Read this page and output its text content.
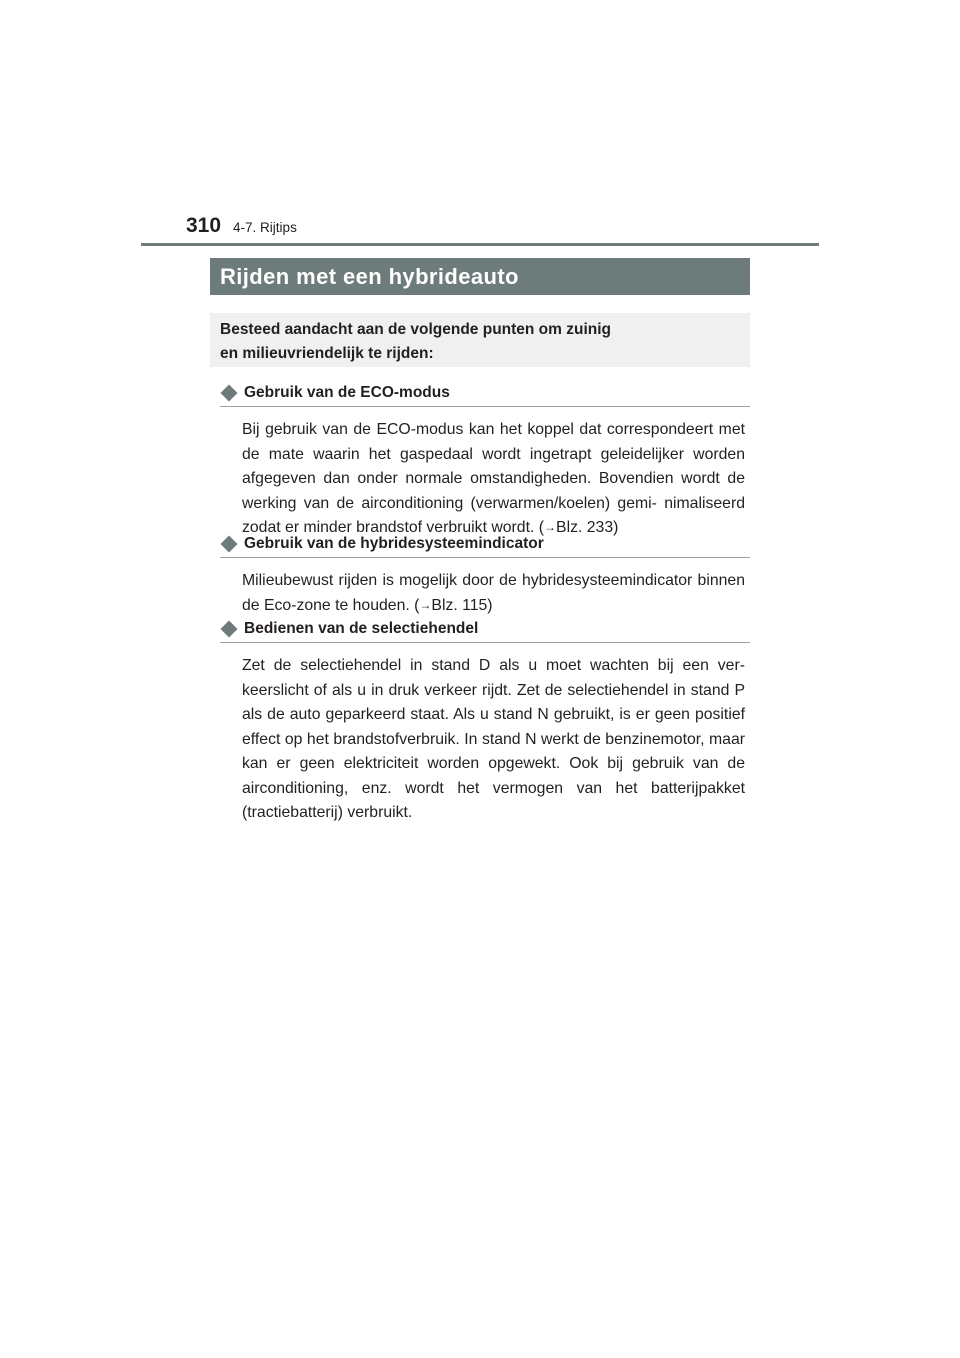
310 4-7. Rijtips
Rijden met een hybrideauto
Besteed aandacht aan de volgende punten om zuinig
en milieuvriendelijk te rijden:
Gebruik van de ECO-modus
Bij gebruik van de ECO-modus kan het koppel dat correspondeert met de mate waarin het gaspedaal wordt ingetrapt geleidelijker worden afgegeven dan onder normale omstandigheden. Bovendien wordt de werking van de airconditioning (verwarmen/koelen) gemi- nimaliseerd zodat er minder brandstof verbruikt wordt. (→Blz. 233)
Gebruik van de hybridesysteemindicator
Milieubewust rijden is mogelijk door de hybridesysteemindicator binnen de Eco-zone te houden. (→Blz. 115)
Bedienen van de selectiehendel
Zet de selectiehendel in stand D als u moet wachten bij een ver- keerslicht of als u in druk verkeer rijdt. Zet de selectiehendel in stand P als de auto geparkeerd staat. Als u stand N gebruikt, is er geen positief effect op het brandstofverbruik. In stand N werkt de benzinemotor, maar kan er geen elektriciteit worden opgewekt. Ook bij gebruik van de airconditioning, enz. wordt het vermogen van het batterijpakket (tractiebatterij) verbruikt.
